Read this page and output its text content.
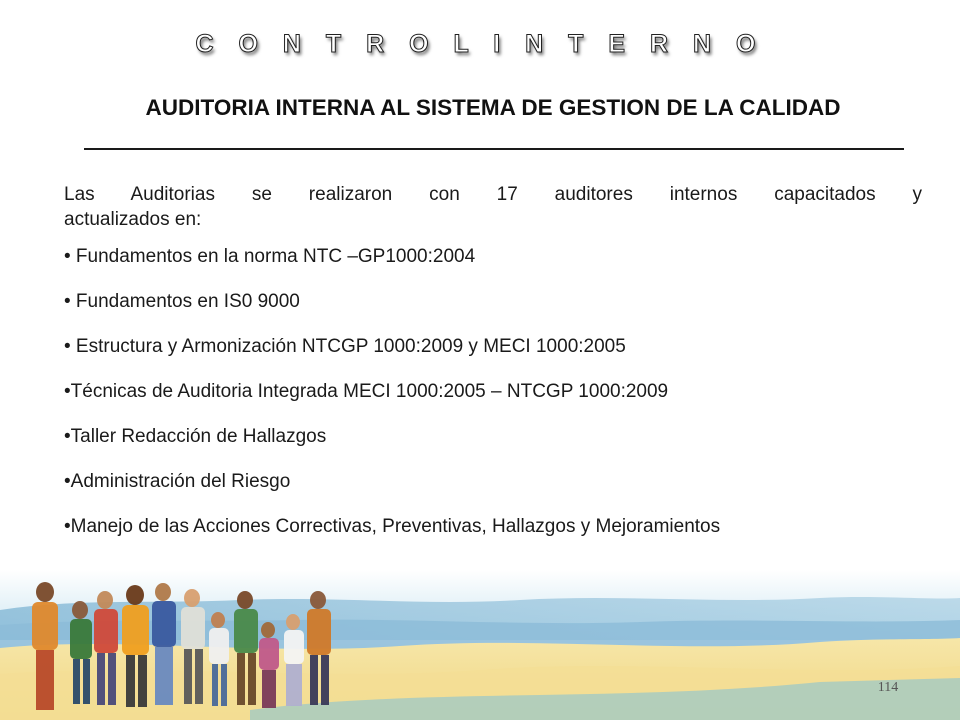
C O N T R O L I N T E R N O
AUDITORIA INTERNA AL SISTEMA DE GESTION DE LA CALIDAD

Las Auditorias se realizaron con 17 auditores internos capacitados y
actualizados en:

• Fundamentos en la norma NTC –GP1000:2004
• Fundamentos en IS0 9000
• Estructura y Armonización NTCGP 1000:2009 y MECI 1000:2005
•Técnicas de Auditoria Integrada MECI 1000:2005 – NTCGP 1000:2009
•Taller Redacción de Hallazgos
•Administración del Riesgo
•Manejo de las Acciones Correctivas, Preventivas, Hallazgos y Mejoramientos
114
